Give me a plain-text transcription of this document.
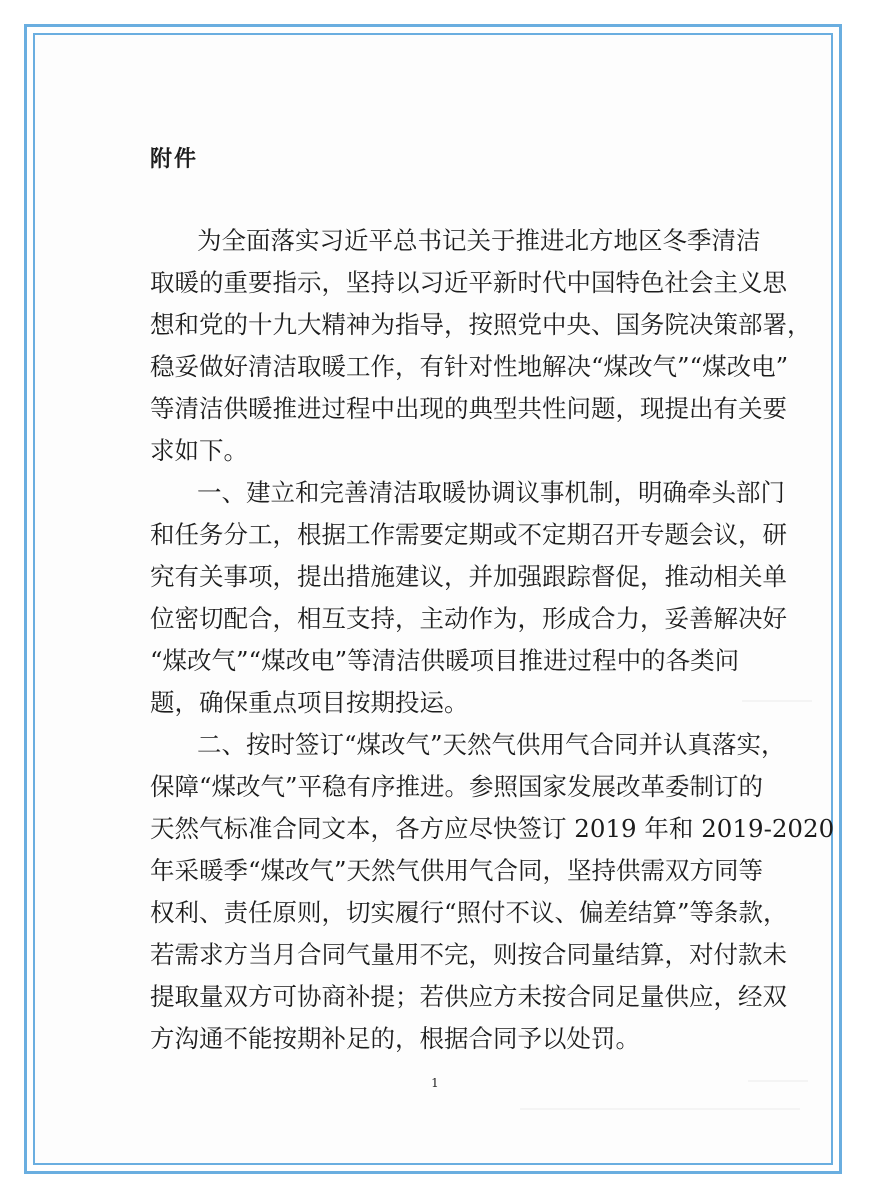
附件
为全面落实习近平总书记关于推进北方地区冬季清洁
取暖的重要指示，坚持以习近平新时代中国特色社会主义思
想和党的十九大精神为指导，按照党中央、国务院决策部署，
稳妥做好清洁取暖工作，有针对性地解决“煤改气”“煤改电”
等清洁供暖推进过程中出现的典型共性问题，现提出有关要
求如下。
一、建立和完善清洁取暖协调议事机制，明确牵头部门
和任务分工，根据工作需要定期或不定期召开专题会议，研
究有关事项，提出措施建议，并加强跟踪督促，推动相关单
位密切配合，相互支持，主动作为，形成合力，妥善解决好
“煤改气”“煤改电”等清洁供暖项目推进过程中的各类问
题，确保重点项目按期投运。
二、按时签订“煤改气”天然气供用气合同并认真落实，
保障“煤改气”平稳有序推进。参照国家发展改革委制订的
天然气标准合同文本，各方应尽快签订 2019 年和 2019-2020
年采暖季“煤改气”天然气供用气合同，坚持供需双方同等
权利、责任原则，切实履行“照付不议、偏差结算”等条款，
若需求方当月合同气量用不完，则按合同量结算，对付款未
提取量双方可协商补提；若供应方未按合同足量供应，经双
方沟通不能按期补足的，根据合同予以处罚。
1
